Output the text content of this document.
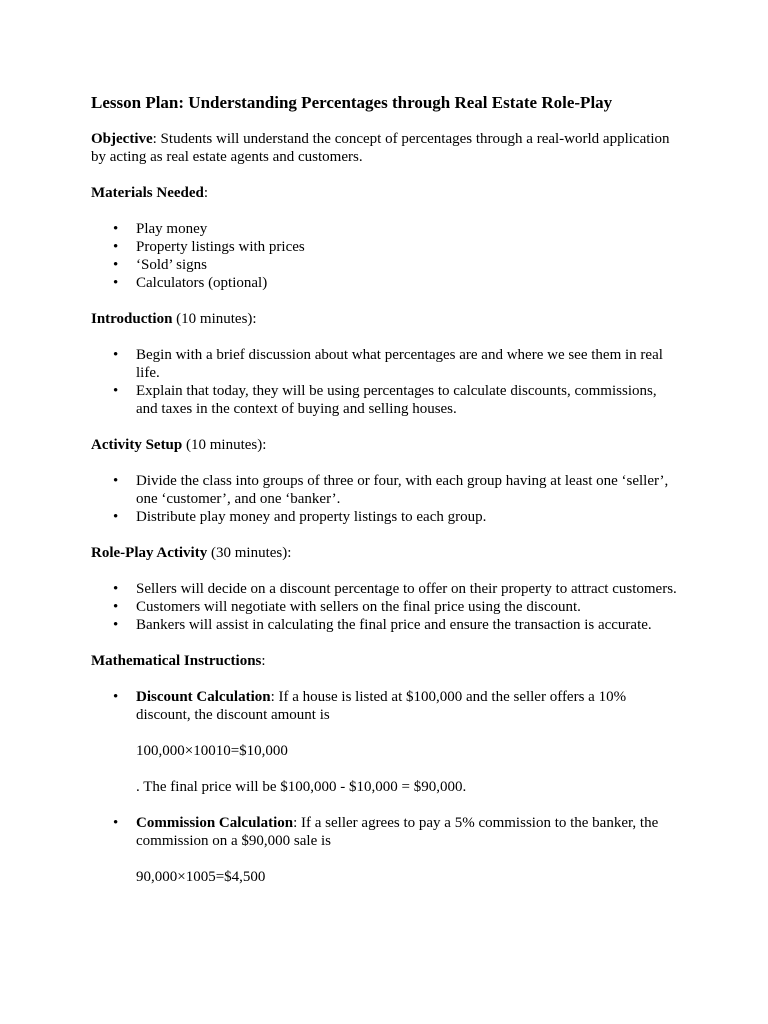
Lesson Plan: Understanding Percentages through Real Estate Role-Play

Objective: Students will understand the concept of percentages through a real-world application by acting as real estate agents and customers.

Materials Needed:

• Play money
• Property listings with prices
• ‘Sold’ signs
• Calculators (optional)

Introduction (10 minutes):

• Begin with a brief discussion about what percentages are and where we see them in real life.
• Explain that today, they will be using percentages to calculate discounts, commissions, and taxes in the context of buying and selling houses.

Activity Setup (10 minutes):

• Divide the class into groups of three or four, with each group having at least one ‘seller’, one ‘customer’, and one ‘banker’.
• Distribute play money and property listings to each group.

Role-Play Activity (30 minutes):

• Sellers will decide on a discount percentage to offer on their property to attract customers.
• Customers will negotiate with sellers on the final price using the discount.
• Bankers will assist in calculating the final price and ensure the transaction is accurate.

Mathematical Instructions:

• Discount Calculation: If a house is listed at $100,000 and the seller offers a 10% discount, the discount amount is
100,000×10010=$10,000
. The final price will be $100,000 - $10,000 = $90,000.
• Commission Calculation: If a seller agrees to pay a 5% commission to the banker, the commission on a $90,000 sale is
90,000×1005=$4,500
